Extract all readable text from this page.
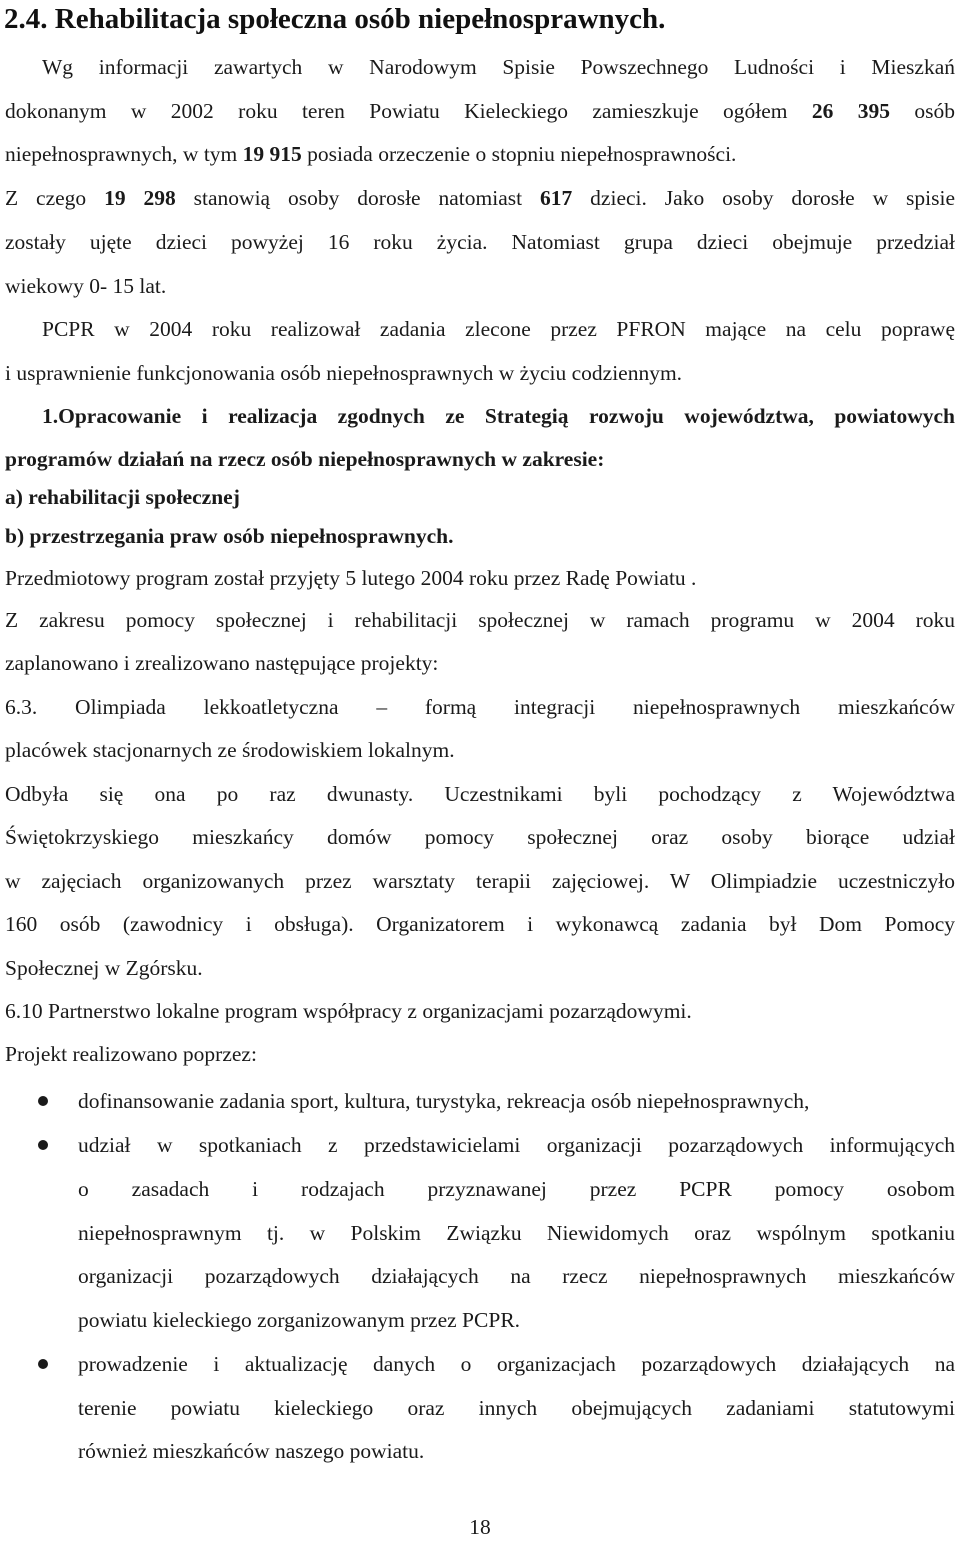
2.4. Rehabilitacja społeczna osób niepełnosprawnych.
Wg informacji zawartych w Narodowym Spisie Powszechnego Ludności i Mieszkań
dokonanym w 2002 roku teren Powiatu Kieleckiego zamieszkuje ogółem 26 395 osób
niepełnosprawnych, w tym 19 915 posiada orzeczenie o stopniu niepełnosprawności.
Z czego 19 298 stanowią osoby dorosłe natomiast 617 dzieci. Jako osoby dorosłe w spisie
zostały ujęte dzieci powyżej 16 roku życia. Natomiast grupa dzieci obejmuje przedział
wiekowy 0- 15 lat.
PCPR w 2004 roku realizował zadania zlecone przez PFRON mające na celu poprawę
i usprawnienie funkcjonowania osób niepełnosprawnych w życiu codziennym.
1.Opracowanie i realizacja zgodnych ze Strategią rozwoju województwa, powiatowych
programów działań na rzecz osób niepełnosprawnych w zakresie:
a) rehabilitacji społecznej
b) przestrzegania praw osób niepełnosprawnych.
Przedmiotowy program został przyjęty 5 lutego 2004 roku przez Radę Powiatu .
Z zakresu pomocy społecznej i rehabilitacji społecznej w ramach programu w 2004 roku
zaplanowano i zrealizowano następujące projekty:
6.3. Olimpiada lekkoatletyczna – formą integracji niepełnosprawnych mieszkańców
placówek stacjonarnych ze środowiskiem lokalnym.
Odbyła się ona po raz dwunasty. Uczestnikami byli pochodzący z Województwa
Świętokrzyskiego mieszkańcy domów pomocy społecznej oraz osoby biorące udział
w zajęciach organizowanych przez warsztaty terapii zajęciowej. W Olimpiadzie uczestniczyło
160 osób (zawodnicy i obsługa). Organizatorem i wykonawcą zadania był Dom Pomocy
Społecznej w Zgórsku.
6.10 Partnerstwo lokalne program współpracy z organizacjami pozarządowymi.
Projekt realizowano poprzez:
dofinansowanie zadania sport, kultura, turystyka, rekreacja osób niepełnosprawnych,
udział w spotkaniach z przedstawicielami organizacji pozarządowych informujących
o zasadach i rodzajach przyznawanej przez PCPR pomocy osobom
niepełnosprawnym tj. w Polskim Związku Niewidomych oraz wspólnym spotkaniu
organizacji pozarządowych działających na rzecz niepełnosprawnych mieszkańców
powiatu kieleckiego zorganizowanym przez PCPR.
prowadzenie i aktualizację danych o organizacjach pozarządowych działających na
terenie powiatu kieleckiego oraz innych obejmujących zadaniami statutowymi
również mieszkańców naszego powiatu.
18
